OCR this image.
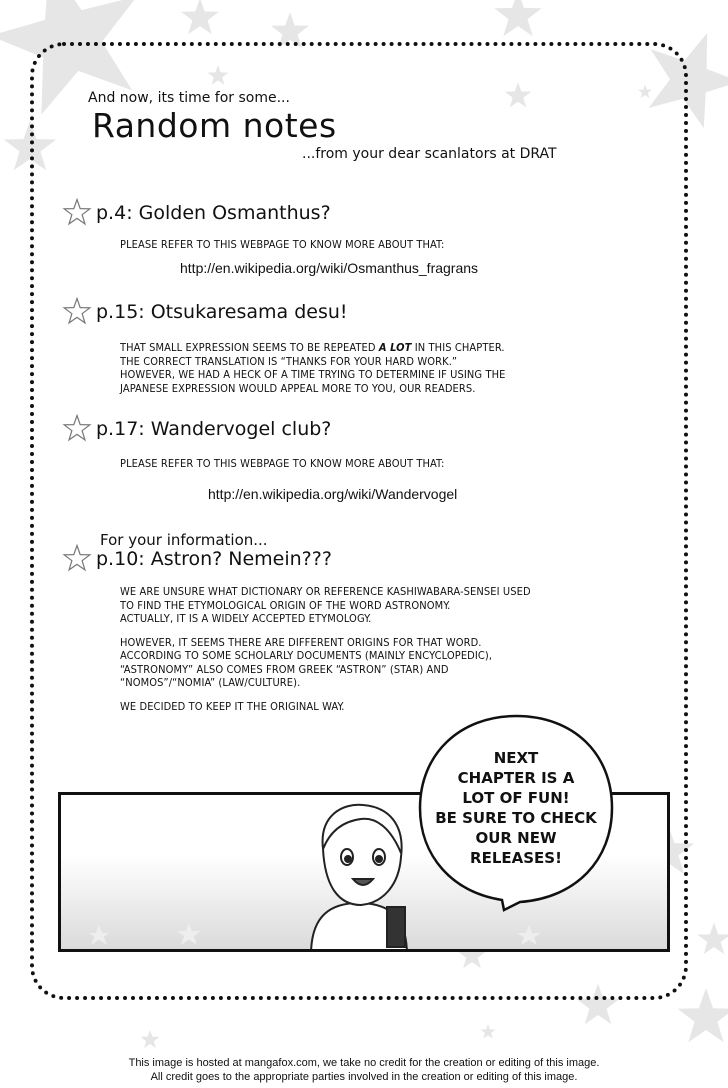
And now, its time for some...
Random notes
...from your dear scanlators at DRAT
p.4: Golden Osmanthus?

PLEASE REFER TO THIS WEBPAGE TO KNOW MORE ABOUT THAT:

http://en.wikipedia.org/wiki/Osmanthus_fragrans
p.15: Otsukaresama desu!

THAT SMALL EXPRESSION SEEMS TO BE REPEATED A LOT IN THIS CHAPTER.

THE CORRECT TRANSLATION IS “THANKS FOR YOUR HARD WORK.”

HOWEVER, WE HAD A HECK OF A TIME TRYING TO DETERMINE IF USING THE

JAPANESE EXPRESSION WOULD APPEAL MORE TO YOU, OUR READERS.

p.17: Wandervogel club?

PLEASE REFER TO THIS WEBPAGE TO KNOW MORE ABOUT THAT:

http://en.wikipedia.org/wiki/Wandervogel
For your information...
p.10: Astron? Nemein???

WE ARE UNSURE WHAT DICTIONARY OR REFERENCE KASHIWABARA-SENSEI USED

TO FIND THE ETYMOLOGICAL ORIGIN OF THE WORD ASTRONOMY.

ACTUALLY, IT IS A WIDELY ACCEPTED ETYMOLOGY.

HOWEVER, IT SEEMS THERE ARE DIFFERENT ORIGINS FOR THAT WORD.

ACCORDING TO SOME SCHOLARLY DOCUMENTS (MAINLY ENCYCLOPEDIC),

“ASTRONOMY” ALSO COMES FROM GREEK “ASTRON” (STAR) AND

“NOMOS”/“NOMIA” (LAW/CULTURE).

WE DECIDED TO KEEP IT THE ORIGINAL WAY.

NEXT
CHAPTER IS A
LOT OF FUN!
BE SURE TO CHECK
OUR NEW
RELEASES!
This image is hosted at mangafox.com, we take no credit for the creation or editing of this image.
All credit goes to the appropriate parties involved in the creation or editing of this image.
